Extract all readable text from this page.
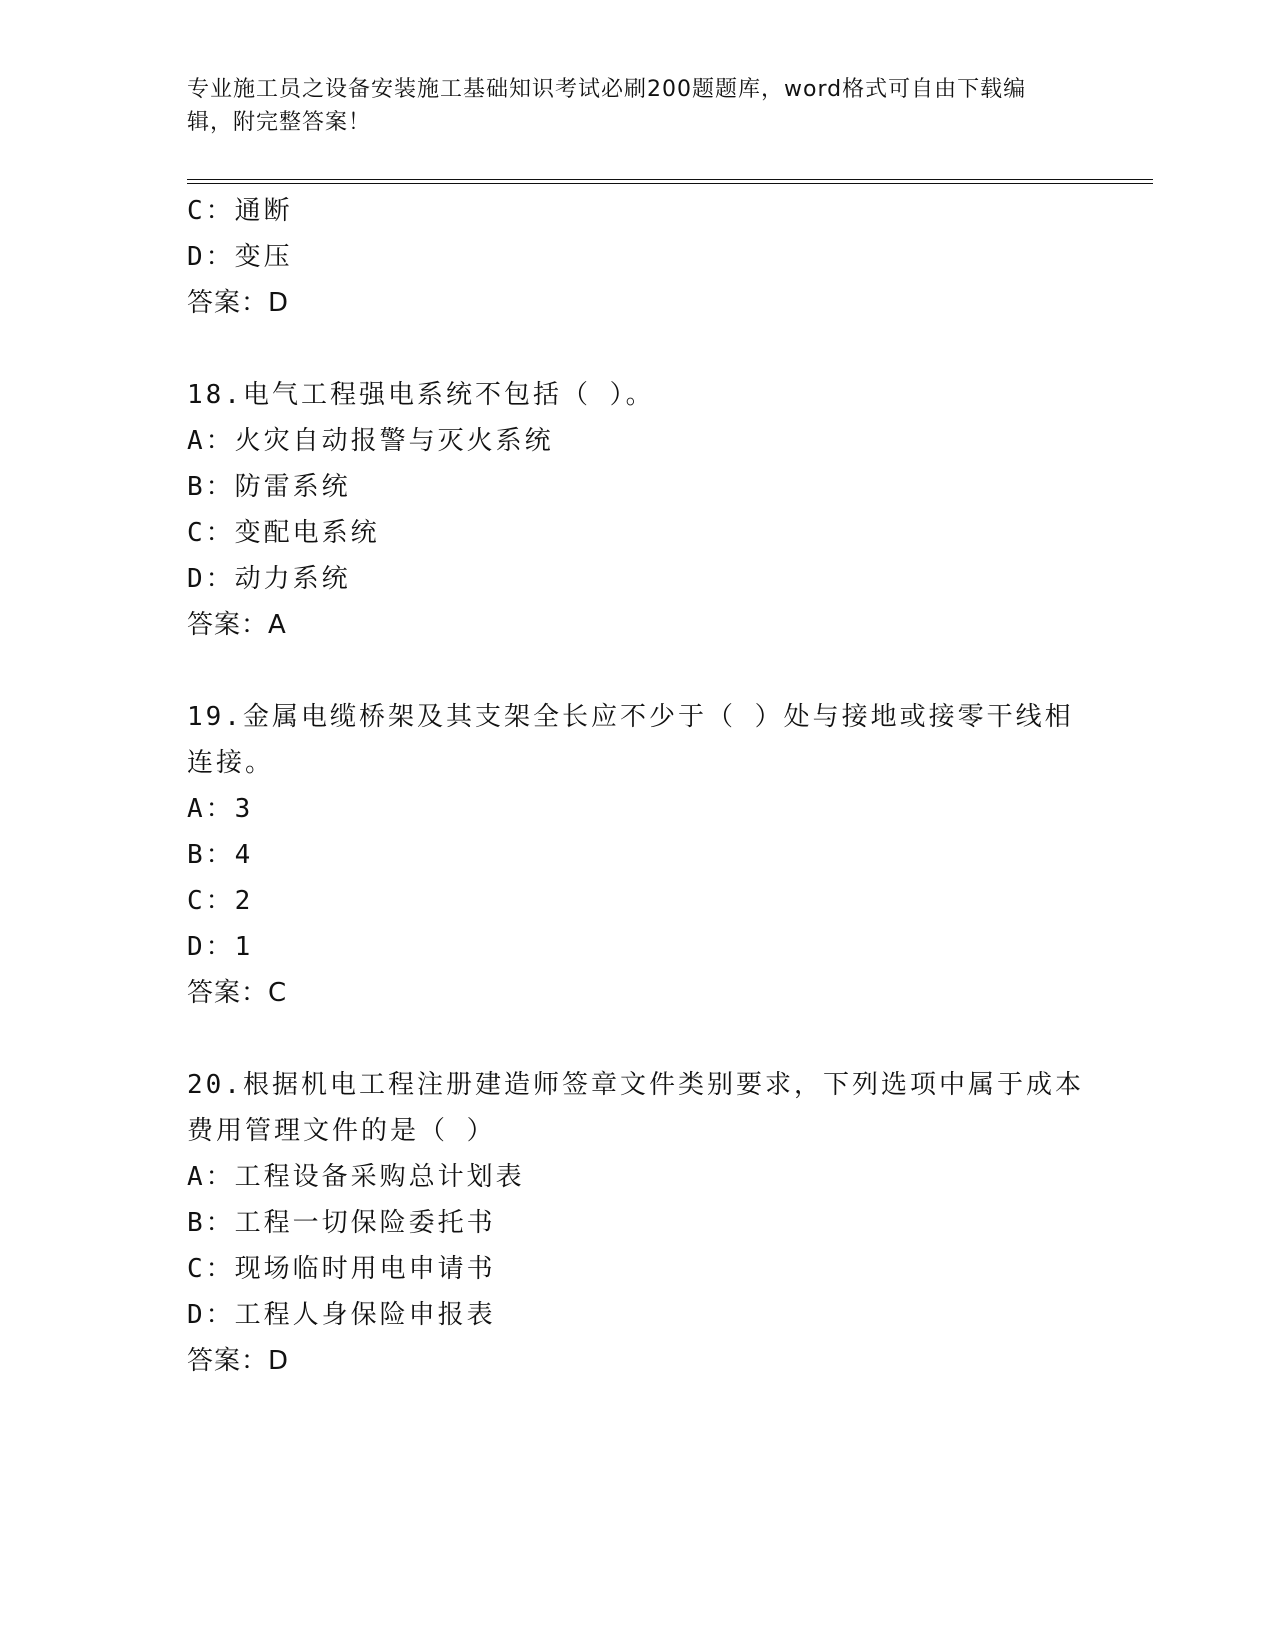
专业施工员之设备安装施工基础知识考试必刷200题题库，word格式可自由下载编辑，附完整答案！
C：通断
D：变压
答案：D
18.电气工程强电系统不包括（ ）。
A：火灾自动报警与灭火系统
B：防雷系统
C：变配电系统
D：动力系统
答案：A
19.金属电缆桥架及其支架全长应不少于（ ）处与接地或接零干线相连接。
A：3
B：4
C：2
D：1
答案：C
20.根据机电工程注册建造师签章文件类别要求，下列选项中属于成本费用管理文件的是（ ）
A：工程设备采购总计划表
B：工程一切保险委托书
C：现场临时用电申请书
D：工程人身保险申报表
答案：D
